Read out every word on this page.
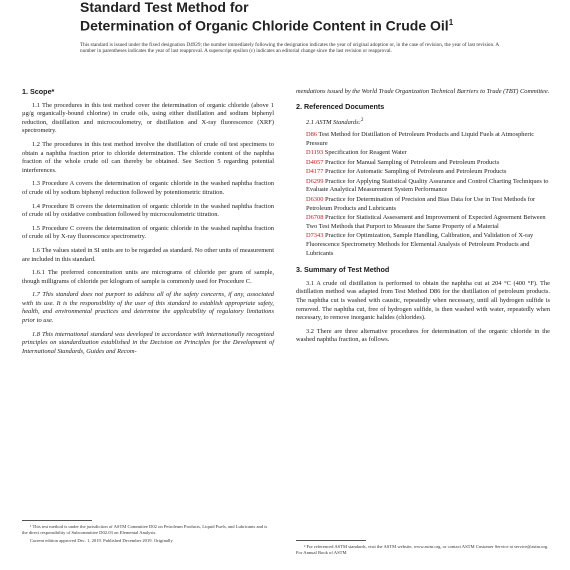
Standard Test Method for
Determination of Organic Chloride Content in Crude Oil$^1$
This standard is issued under the fixed designation D4929; the number immediately following the designation indicates the year of original adoption or, in the case of revision, the year of last revision. A number in parentheses indicates the year of last reapproval. A superscript epsilon (ε) indicates an editorial change since the last revision or reapproval.
1. Scope*

1.1 The procedures in this test method cover the determination of organic chloride (above 1 µg/g organically-bound chlorine) in crude oils, using either distillation and sodium biphenyl reduction, distillation and microcoulometry, or distillation and X-ray fluorescence (XRF) spectrometry.

1.2 The procedures in this test method involve the distillation of crude oil test specimens to obtain a naphtha fraction prior to chloride determination. The chloride content of the naphtha fraction of the whole crude oil can thereby be obtained. See Section 5 regarding potential interferences.

1.3 Procedure A covers the determination of organic chloride in the washed naphtha fraction of crude oil by sodium biphenyl reduction followed by potentiometric titration.

1.4 Procedure B covers the determination of organic chloride in the washed naphtha fraction of crude oil by oxidative combustion followed by microcoulometric titration.

1.5 Procedure C covers the determination of organic chloride in the washed naphtha fraction of crude oil by X-ray fluorescence spectrometry.

1.6 The values stated in SI units are to be regarded as standard. No other units of measurement are included in this standard.

1.6.1 The preferred concentration units are micrograms of chloride per gram of sample, though milligrams of chloride per kilogram of sample is commonly used for Procedure C.

1.7 This standard does not purport to address all of the safety concerns, if any, associated with its use. It is the responsibility of the user of this standard to establish appropriate safety, health, and environmental practices and determine the applicability of regulatory limitations prior to use.

1.8 This international standard was developed in accordance with internationally recognized principles on standardization established in the Decision on Principles for the Development of International Standards, Guides and Recom-

¹ This test method is under the jurisdiction of ASTM Committee D02 on Petroleum Products, Liquid Fuels, and Lubricants and is the direct responsibility of Subcommittee D02.03 on Elemental Analysis.

Current edition approved Dec. 1, 2019. Published December 2019. Originally

mendations issued by the World Trade Organization Technical Barriers to Trade (TBT) Committee.

2. Referenced Documents
2.1 ASTM Standards:$^2$
D86 Test Method for Distillation of Petroleum Products and Liquid Fuels at Atmospheric Pressure
D1193 Specification for Reagent Water
D4057 Practice for Manual Sampling of Petroleum and Petroleum Products
D4177 Practice for Automatic Sampling of Petroleum and Petroleum Products
D6299 Practice for Applying Statistical Quality Assurance and Control Charting Techniques to Evaluate Analytical Measurement System Performance
D6300 Practice for Determination of Precision and Bias Data for Use in Test Methods for Petroleum Products and Lubricants
D6708 Practice for Statistical Assessment and Improvement of Expected Agreement Between Two Test Methods that Purport to Measure the Same Property of a Material
D7343 Practice for Optimization, Sample Handling, Calibration, and Validation of X-ray Fluorescence Spectrometry Methods for Elemental Analysis of Petroleum Products and Lubricants
3. Summary of Test Method

3.1 A crude oil distillation is performed to obtain the naphtha cut at 204 °C (400 °F). The distillation method was adapted from Test Method D86 for the distillation of petroleum products. The naphtha cut is washed with caustic, repeatedly when necessary, until all hydrogen sulfide is removed. The naphtha cut, free of hydrogen sulfide, is then washed with water, repeatedly when necessary, to remove inorganic halides (chlorides).

3.2 There are three alternative procedures for determination of the organic chloride in the washed naphtha fraction, as follows.

² For referenced ASTM standards, visit the ASTM website, www.astm.org, or contact ASTM Customer Service at service@astm.org. For Annual Book of ASTM
